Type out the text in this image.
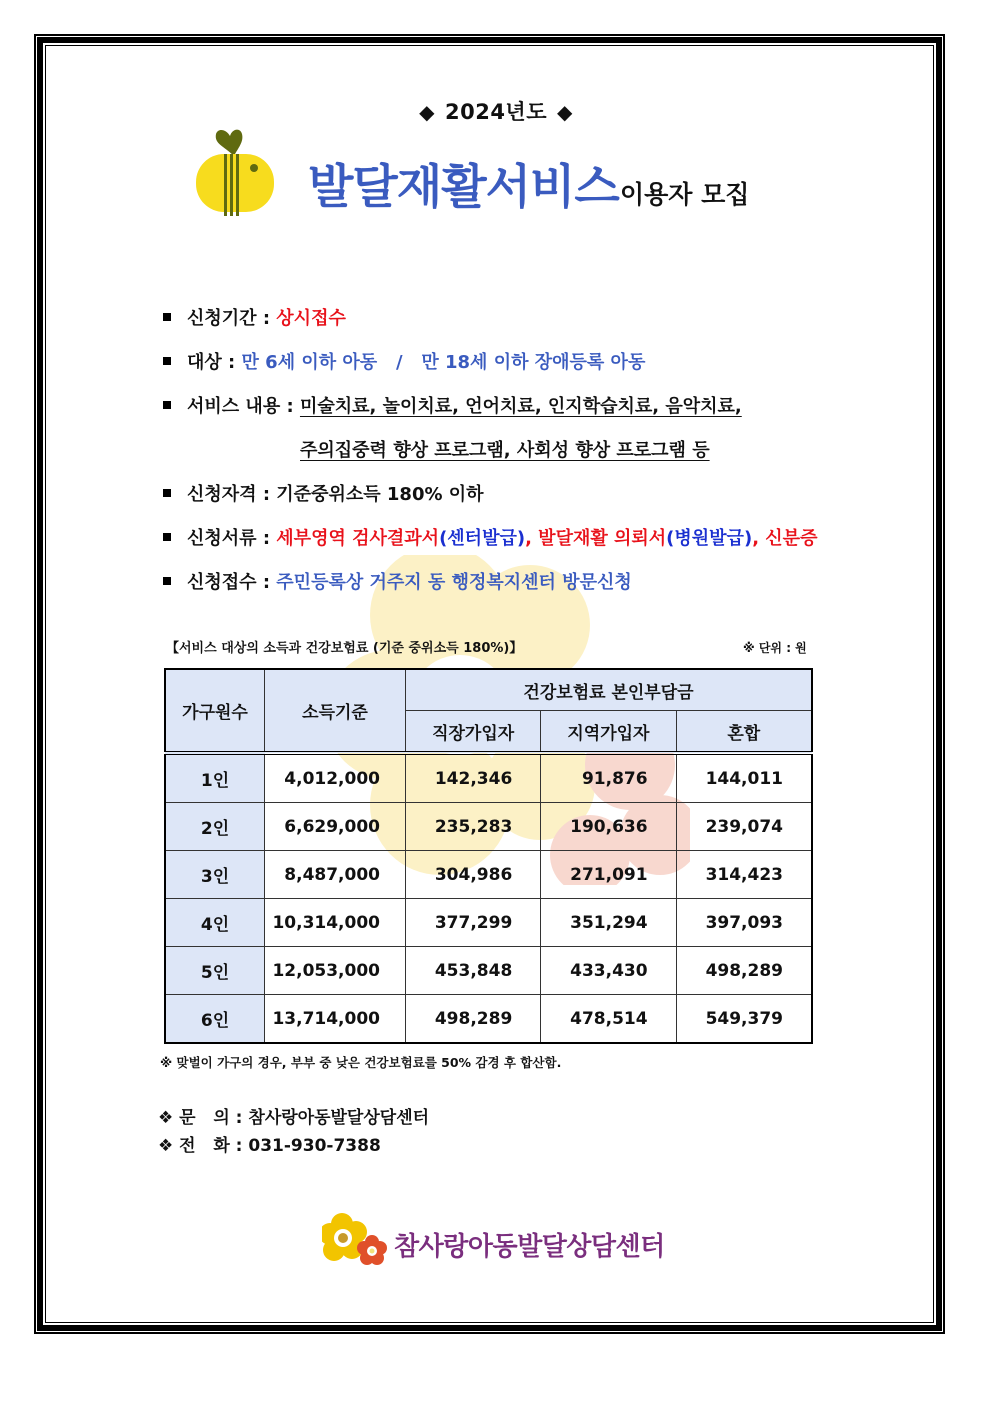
◆ 2024년도 ◆
발달재활서비스 이용자 모집
신청기간 : 상시접수
대상 : 만 6세 이하 아동   /   만 18세 이하 장애등록 아동
서비스 내용 : 미술치료, 놀이치료, 언어치료, 인지학습치료, 음악치료,
주의집중력 향상 프로그램, 사회성 향상 프로그램 등
신청자격 : 기준중위소득 180% 이하
신청서류 : 세부영역 검사결과서(센터발급), 발달재활 의뢰서(병원발급), 신분증
신청접수 : 주민등록상 거주지 동 행정복지센터 방문신청
【서비스 대상의 소득과 건강보험료 (기준 중위소득 180%)】	※ 단위 : 원
가구원수	소득기준	건강보험료 본인부담금		
		직장가입자	지역가입자	혼합
1인	4,012,000	142,346	91,876	144,011
2인	6,629,000	235,283	190,636	239,074
3인	8,487,000	304,986	271,091	314,423
4인	10,314,000	377,299	351,294	397,093
5인	12,053,000	453,848	433,430	498,289
6인	13,714,000	498,289	478,514	549,379
※ 맞벌이 가구의 경우, 부부 중 낮은 건강보험료를 50% 감경 후 합산함.
❖ 문   의 : 참사랑아동발달상담센터
❖ 전   화 : 031-930-7388
참사랑아동발달상담센터
